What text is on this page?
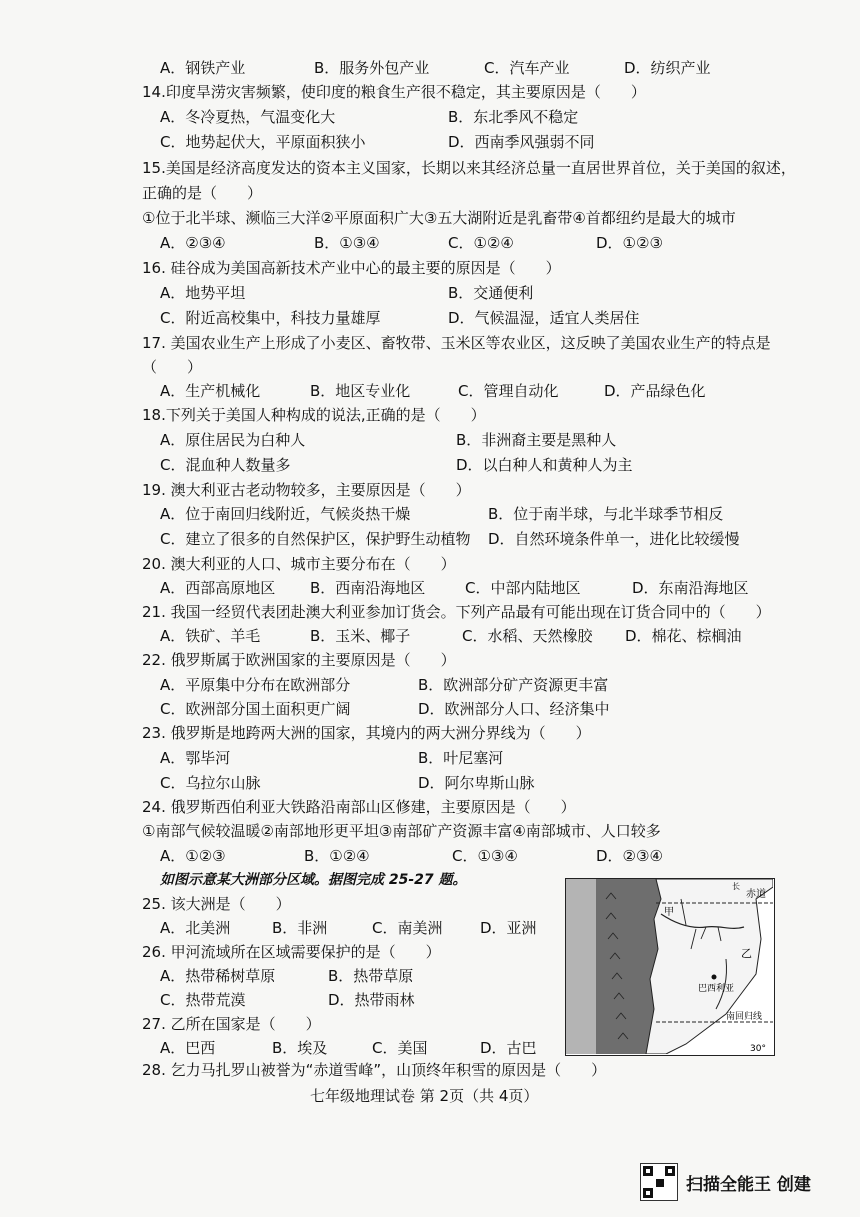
A．钢铁产业	B．服务外包产业	C．汽车产业	D．纺织产业
14.印度旱涝灾害频繁，使印度的粮食生产很不稳定，其主要原因是（　　）
A．冬冷夏热，气温变化大	B．东北季风不稳定
C．地势起伏大，平原面积狭小	D．西南季风强弱不同
15.美国是经济高度发达的资本主义国家，长期以来其经济总量一直居世界首位，关于美国的叙述，
正确的是（　　）
①位于北半球、濒临三大洋②平原面积广大③五大湖附近是乳畜带④首都纽约是最大的城市
A．②③④	B．①③④	C．①②④	D．①②③
16. 硅谷成为美国高新技术产业中心的最主要的原因是（　　）
A．地势平坦	B．交通便利
C．附近高校集中，科技力量雄厚	D．气候温湿，适宜人类居住
17. 美国农业生产上形成了小麦区、畜牧带、玉米区等农业区，这反映了美国农业生产的特点是
（　　）
A．生产机械化	B．地区专业化	C．管理自动化	D．产品绿色化
18.下列关于美国人种构成的说法,正确的是（　　）
A．原住居民为白种人	B．非洲裔主要是黑种人
C．混血种人数量多	D．以白种人和黄种人为主
19. 澳大利亚古老动物较多，主要原因是（　　）
A．位于南回归线附近，气候炎热干燥	B．位于南半球，与北半球季节相反
C．建立了很多的自然保护区，保护野生动植物 D．自然环境条件单一，进化比较缓慢
20. 澳大利亚的人口、城市主要分布在（　　）
A．西部高原地区 B．西南沿海地区	C．中部内陆地区	D．东南沿海地区
21. 我国一经贸代表团赴澳大利亚参加订货会。下列产品最有可能出现在订货合同中的（　　）
A．铁矿、羊毛	B．玉米、椰子	C．水稻、天然橡胶 D．棉花、棕榈油
22. 俄罗斯属于欧洲国家的主要原因是（　　）
A．平原集中分布在欧洲部分	B．欧洲部分矿产资源更丰富
C．欧洲部分国土面积更广阔	D．欧洲部分人口、经济集中
23. 俄罗斯是地跨两大洲的国家，其境内的两大洲分界线为（　　）
A．鄂毕河	B．叶尼塞河
C．乌拉尔山脉	D．阿尔卑斯山脉
24. 俄罗斯西伯利亚大铁路沿南部山区修建，主要原因是（　　）
①南部气候较温暖②南部地形更平坦③南部矿产资源丰富④南部城市、人口较多
A．①②③	B．①②④	C．①③④	D．②③④
如图示意某大洲部分区域。据图完成 25-27 题。
25. 该大洲是（　　）
A．北美洲	B．非洲	C．南美洲	D．亚洲
26. 甲河流域所在区域需要保护的是（　　）
A．热带稀树草原	B．热带草原
C．热带荒漠	D．热带雨林
27. 乙所在国家是（　　）
A．巴西	B．埃及	C．美国	D．古巴
28. 乞力马扎罗山被誉为“赤道雪峰”，山顶终年积雪的原因是（　　）
七年级地理试卷 第 2页（共 4页）
赤道
长
甲
乙
巴西利亚
南回归线
30°
扫描全能王 创建
